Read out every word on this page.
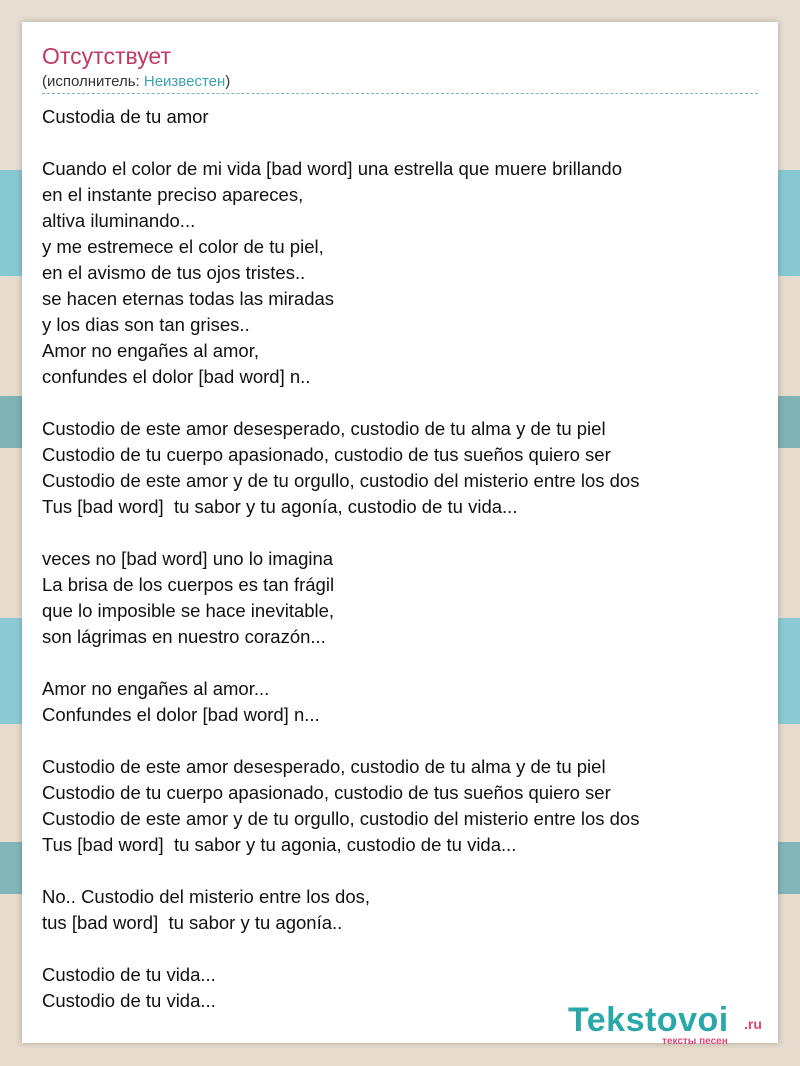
Отсутствует
(исполнитель: Неизвестен)
Custodia de tu amor
Cuando el color de mi vida [bad word] una estrella que muere brillando
en el instante preciso apareces,
altiva iluminando...
y me estremece el color de tu piel,
en el avismo de tus ojos tristes..
se hacen eternas todas las miradas
y los dias son tan grises..
Amor no engañes al amor,
confundes el dolor [bad word] n..
Custodio de este amor desesperado, custodio de tu alma y de tu piel
Custodio de tu cuerpo apasionado, custodio de tus sueños quiero ser
Custodio de este amor y de tu orgullo, custodio del misterio entre los dos
Tus [bad word]  tu sabor y tu agonía, custodio de tu vida...
veces no [bad word] uno lo imagina
La brisa de los cuerpos es tan frágil
que lo imposible se hace inevitable,
son lágrimas en nuestro corazón...
Amor no engañes al amor...
Confundes el dolor [bad word] n...
Custodio de este amor desesperado, custodio de tu alma y de tu piel
Custodio de tu cuerpo apasionado, custodio de tus sueños quiero ser
Custodio de este amor y de tu orgullo, custodio del misterio entre los dos
Tus [bad word]  tu sabor y tu agonia, custodio de tu vida...
No.. Custodio del misterio entre los dos,
tus [bad word]  tu sabor y tu agonía..
Custodio de tu vida...
Custodio de tu vida...
Tekstovoi .ru
тексты песен
